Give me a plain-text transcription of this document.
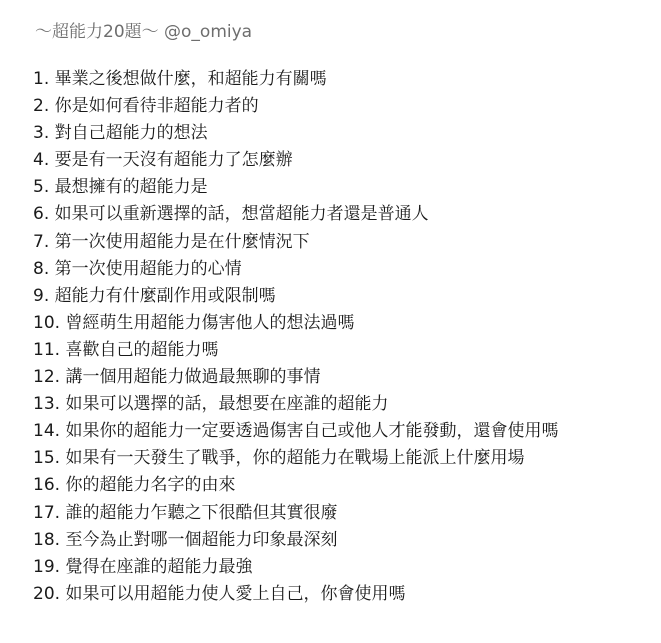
～超能力20題～ @o_omiya
1. 畢業之後想做什麼，和超能力有關嗎
2. 你是如何看待非超能力者的
3. 對自己超能力的想法
4. 要是有一天沒有超能力了怎麼辦
5. 最想擁有的超能力是
6. 如果可以重新選擇的話，想當超能力者還是普通人
7. 第一次使用超能力是在什麼情況下
8. 第一次使用超能力的心情
9. 超能力有什麼副作用或限制嗎
10. 曾經萌生用超能力傷害他人的想法過嗎
11. 喜歡自己的超能力嗎
12. 講一個用超能力做過最無聊的事情
13. 如果可以選擇的話，最想要在座誰的超能力
14. 如果你的超能力一定要透過傷害自己或他人才能發動，還會使用嗎
15. 如果有一天發生了戰爭，你的超能力在戰場上能派上什麼用場
16. 你的超能力名字的由來
17. 誰的超能力乍聽之下很酷但其實很廢
18. 至今為止對哪一個超能力印象最深刻
19. 覺得在座誰的超能力最強
20. 如果可以用超能力使人愛上自己，你會使用嗎
